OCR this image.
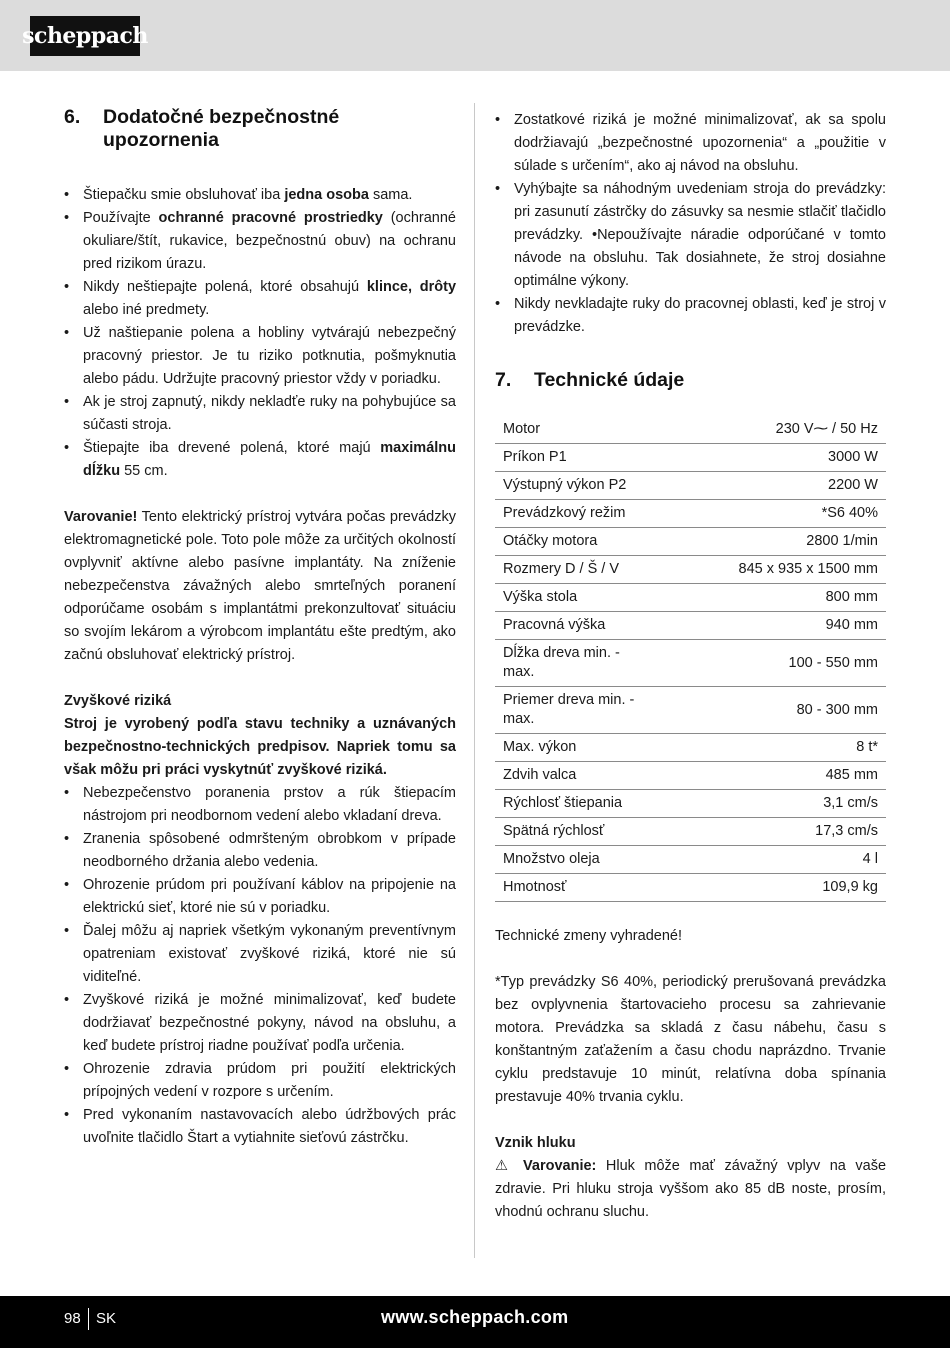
scheppach
6.	Dodatočné bezpečnostné upozornenia
• Štiepačku smie obsluhovať iba jedna osoba sama.
• Používajte ochranné pracovné prostriedky (ochranné okuliare/štít, rukavice, bezpečnostnú obuv) na ochranu pred rizikom úrazu.
• Nikdy neštiepajte polená, ktoré obsahujú klince, drôty alebo iné predmety.
• Už naštiepanie polena a hobliny vytvárajú nebezpečný pracovný priestor. Je tu riziko potknutia, pošmyknutia alebo pádu. Udržujte pracovný priestor vždy v poriadku.
• Ak je stroj zapnutý, nikdy nekladťe ruky na pohybujúce sa súčasti stroja.
• Štiepajte iba drevené polená, ktoré majú maximálnu dĺžku 55 cm.

Varovanie! Tento elektrický prístroj vytvára počas prevádzky elektromagnetické pole. Toto pole môže za určitých okolností ovplyvniť aktívne alebo pasívne implantáty. Na zníženie nebezpečenstva závažných alebo smrteľných poranení odporúčame osobám s implantátmi prekonzultovať situáciu so svojím lekárom a výrobcom implantátu ešte predtým, ako začnú obsluhovať elektrický prístroj.

Zvyškové riziká

Stroj je vyrobený podľa stavu techniky a uznávaných bezpečnostno-technických predpisov. Napriek tomu sa však môžu pri práci vyskytnúť zvyškové riziká.

• Nebezpečenstvo poranenia prstov a rúk štiepacím nástrojom pri neodbornom vedení alebo vkladaní dreva.
• Zranenia spôsobené odmršteným obrobkom v prípade neodborného držania alebo vedenia.
• Ohrozenie prúdom pri používaní káblov na pripojenie na elektrickú sieť, ktoré nie sú v poriadku.
• Ďalej môžu aj napriek všetkým vykonaným preventívnym opatreniam existovať zvyškové riziká, ktoré nie sú viditeľné.
• Zvyškové riziká je možné minimalizovať, keď budete dodržiavať bezpečnostné pokyny, návod na obsluhu, a keď budete prístroj riadne používať podľa určenia.
• Ohrozenie zdravia prúdom pri použití elektrických prípojných vedení v rozpore s určením.
• Pred vykonaním nastavovacích alebo údržbových prác uvoľnite tlačidlo Štart a vytiahnite sieťovú zástrčku.
• Zostatkové riziká je možné minimalizovať, ak sa spolu dodržiavajú „bezpečnostné upozornenia“ a „použitie v súlade s určením“, ako aj návod na obsluhu.
• Vyhýbajte sa náhodným uvedeniam stroja do prevádzky: pri zasunutí zástrčky do zásuvky sa nesmie stlačiť tlačidlo prevádzky. •Nepoužívajte náradie odporúčané v tomto návode na obsluhu. Tak dosiahnete, že stroj dosiahne optimálne výkony.
• Nikdy nevkladajte ruky do pracovnej oblasti, keď je stroj v prevádzke.
7.	Technické údaje
Motor	230 V⁓ / 50 Hz
Príkon P1	3000 W
Výstupný výkon P2	2200 W
Prevádzkový režim	*S6 40%
Otáčky motora	2800 1/min
Rozmery D / Š / V	845 x 935 x 1500 mm
Výška stola	800 mm
Pracovná výška	940 mm
Dĺžka dreva min. - max.	100 - 550 mm
Priemer dreva min. - max.	80 - 300 mm
Max. výkon	8 t*
Zdvih valca	485 mm
Rýchlosť štiepania	3,1 cm/s
Spätná rýchlosť	17,3 cm/s
Množstvo oleja	4 l
Hmotnosť	109,9 kg

Technické zmeny vyhradené!

*Typ prevádzky S6 40%, periodický prerušovaná prevádzka bez ovplyvnenia štartovacieho procesu sa zahrievanie motora. Prevádzka sa skladá z času nábehu, času s konštantným zaťažením a času chodu naprázdno. Trvanie cyklu predstavuje 10 minút, relatívna doba spínania prestavuje 40% trvania cyklu.

Vznik hluku

⚠ Varovanie: Hluk môže mať závažný vplyv na vaše zdravie. Pri hluku stroja vyššom ako 85 dB noste, prosím, vhodnú ochranu sluchu.

98 SK	www.scheppach.com
